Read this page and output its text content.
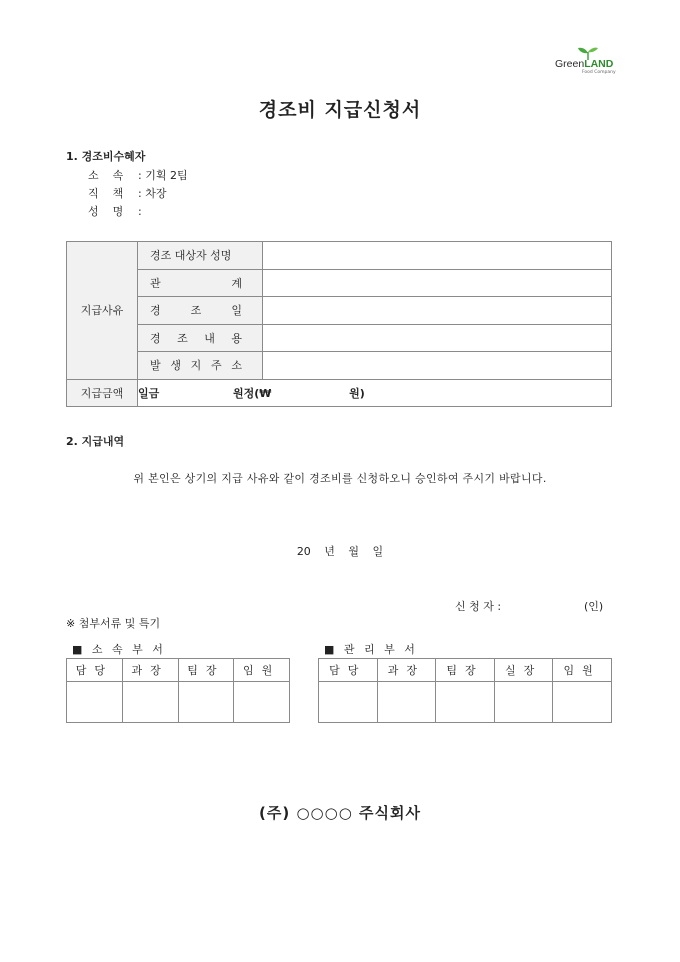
GreenLAND
Food Company
경조비 지급신청서
1. 경조비수혜자
소    속 : 기획 2팀
직    책 : 차장
성    명 :
지급사유	경조 대상자 성명	

	관 계	

	경 조 일	

	경 조 내 용	

	발 생 지 주 소	

지급금액	일금 원정(₩ 원)	
2. 지급내역
위 본인은 상기의 지급 사유와 같이 경조비를 신청하오니 승인하여 주시기 바랍니다.
20 년 월 일
신 청 자 :	(인)
※ 첨부서류 및 특기
■ 소 속 부 서
담당	과장	팀장	임원

■ 관 리 부 서
담당	과장	팀장	실장	임원

(주) ○○○○ 주식회사
